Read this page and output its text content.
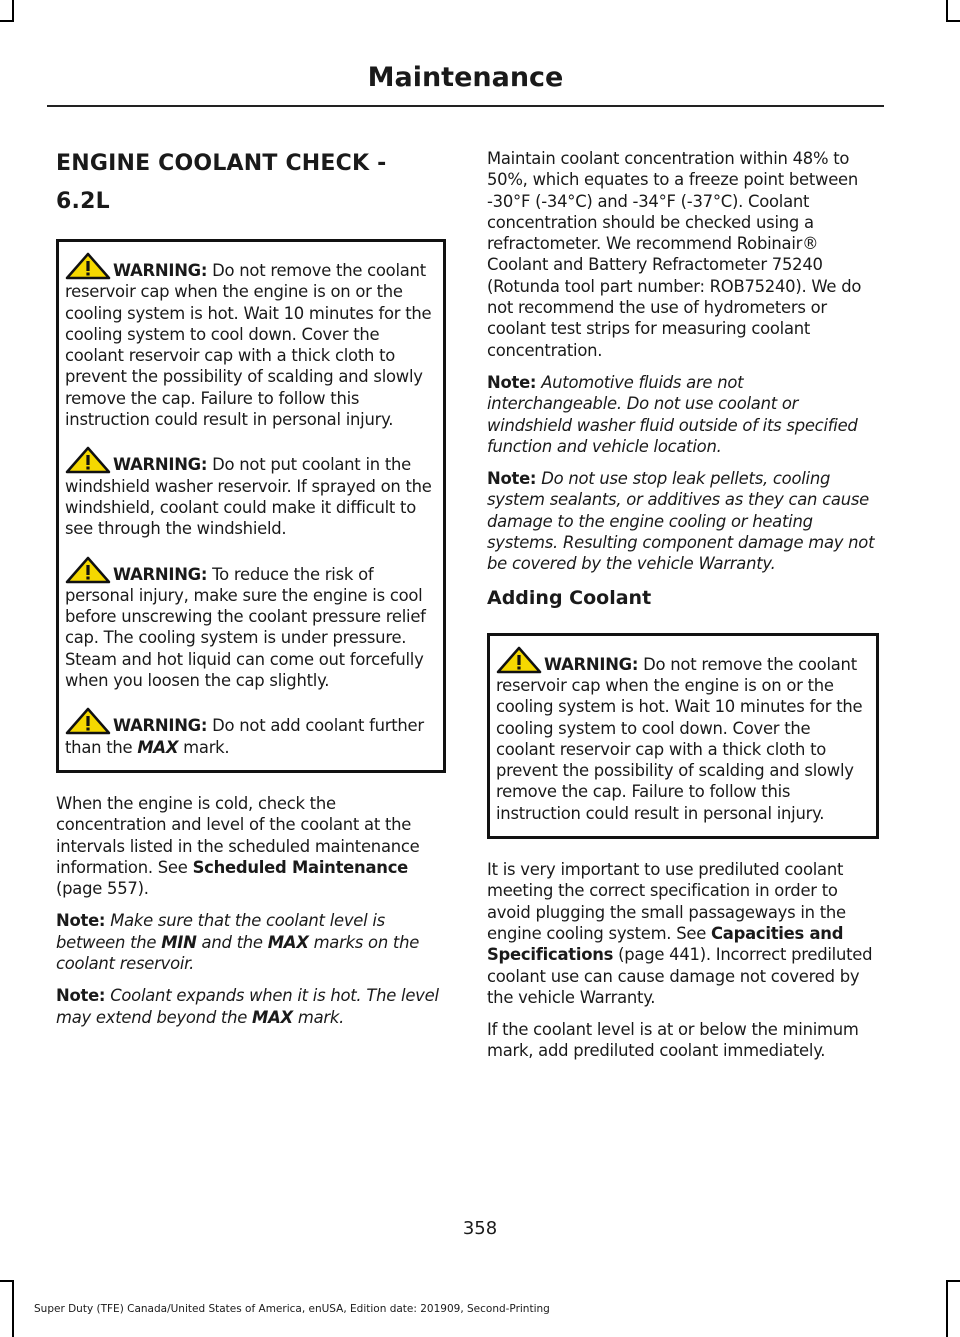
Maintenance
ENGINE COOLANT CHECK -
6.2L
WARNING: Do not remove the coolant reservoir cap when the engine is on or the cooling system is hot. Wait 10 minutes for the cooling system to cool down. Cover the coolant reservoir cap with a thick cloth to prevent the possibility of scalding and slowly remove the cap. Failure to follow this instruction could result in personal injury.
WARNING: Do not put coolant in the windshield washer reservoir. If sprayed on the windshield, coolant could make it difficult to see through the windshield.
WARNING: To reduce the risk of personal injury, make sure the engine is cool before unscrewing the coolant pressure relief cap. The cooling system is under pressure. Steam and hot liquid can come out forcefully when you loosen the cap slightly.
WARNING: Do not add coolant further than the MAX mark.

When the engine is cold, check the concentration and level of the coolant at the intervals listed in the scheduled maintenance information. See Scheduled Maintenance (page 557).

Note: Make sure that the coolant level is between the MIN and the MAX marks on the coolant reservoir.

Note: Coolant expands when it is hot. The level may extend beyond the MAX mark.

Maintain coolant concentration within 48% to 50%, which equates to a freeze point between -30°F (-34°C) and -34°F (-37°C). Coolant concentration should be checked using a refractometer. We recommend Robinair® Coolant and Battery Refractometer 75240 (Rotunda tool part number: ROB75240). We do not recommend the use of hydrometers or coolant test strips for measuring coolant concentration.

Note: Automotive fluids are not interchangeable. Do not use coolant or windshield washer fluid outside of its specified function and vehicle location.

Note: Do not use stop leak pellets, cooling system sealants, or additives as they can cause damage to the engine cooling or heating systems. Resulting component damage may not be covered by the vehicle Warranty.

Adding Coolant
WARNING: Do not remove the coolant reservoir cap when the engine is on or the cooling system is hot. Wait 10 minutes for the cooling system to cool down. Cover the coolant reservoir cap with a thick cloth to prevent the possibility of scalding and slowly remove the cap. Failure to follow this instruction could result in personal injury.

It is very important to use prediluted coolant meeting the correct specification in order to avoid plugging the small passageways in the engine cooling system. See Capacities and Specifications (page 441). Incorrect prediluted coolant use can cause damage not covered by the vehicle Warranty.

If the coolant level is at or below the minimum mark, add prediluted coolant immediately.

358
Super Duty (TFE) Canada/United States of America, enUSA, Edition date: 201909, Second-Printing
